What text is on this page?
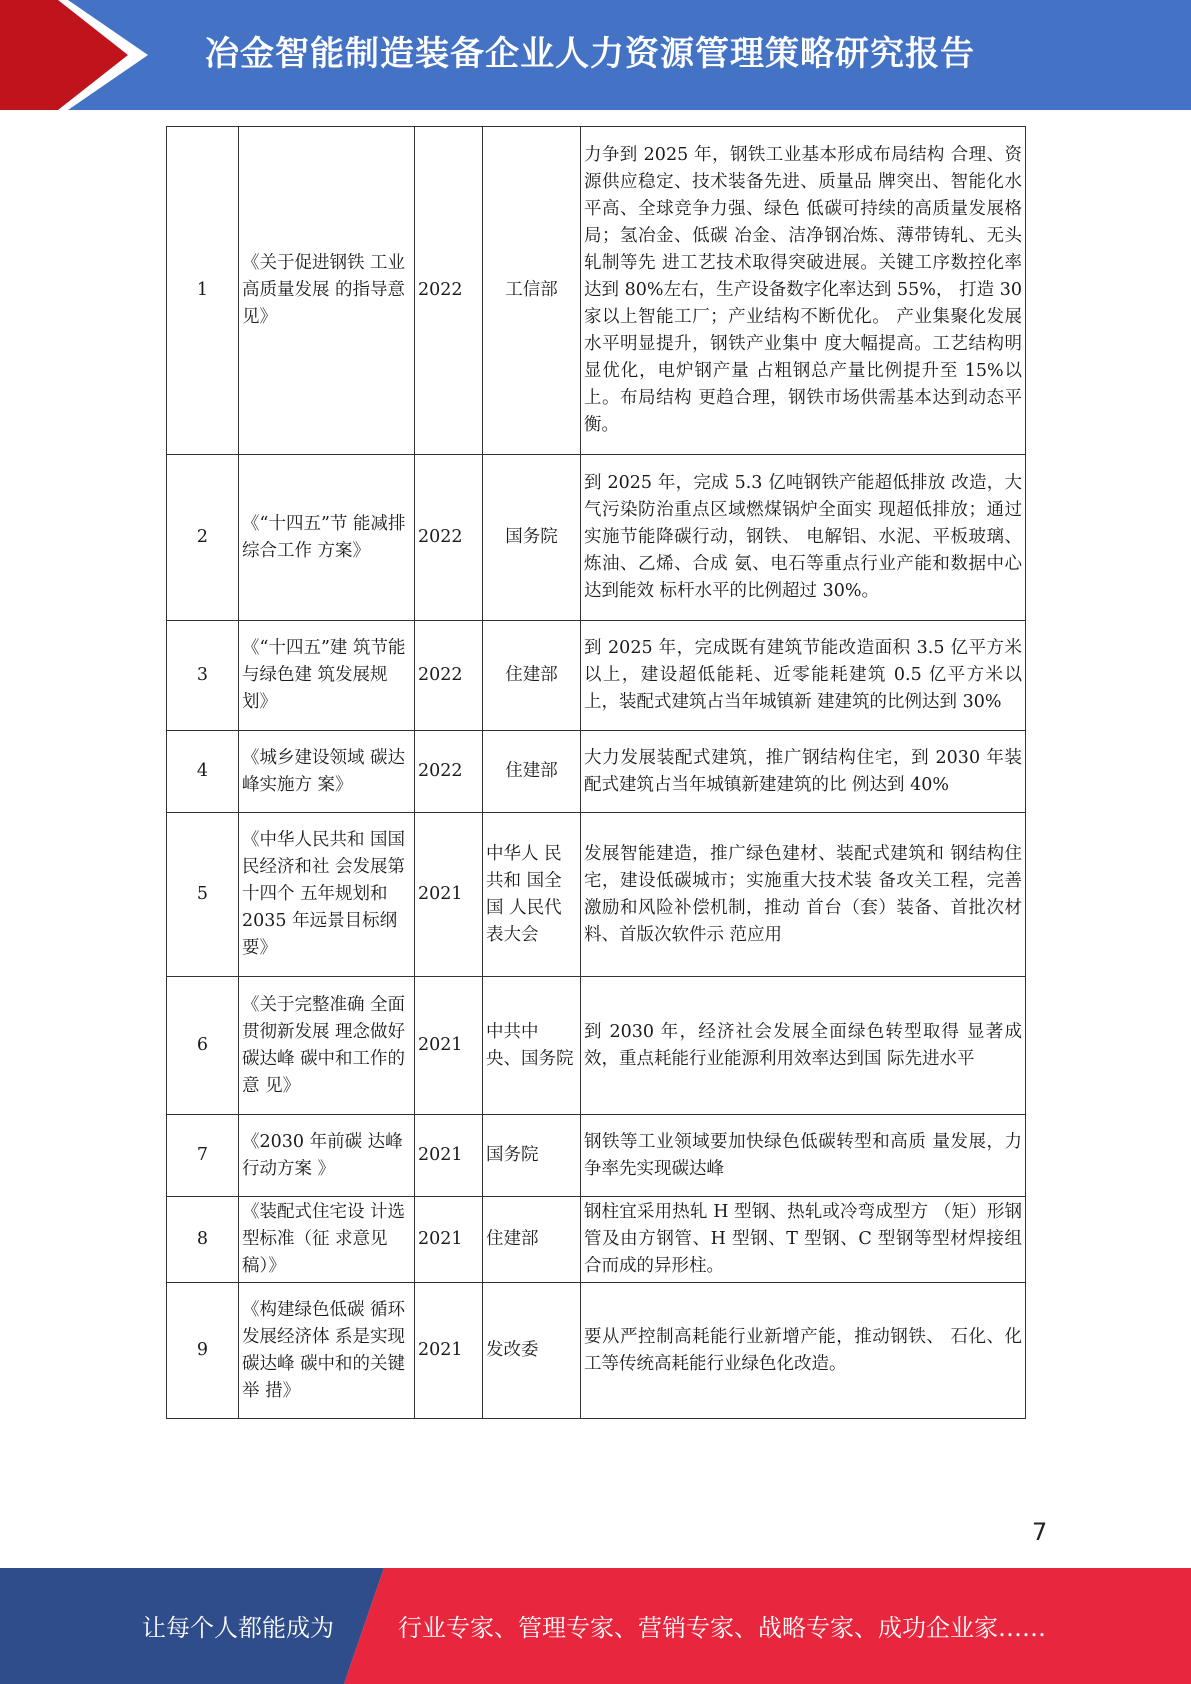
冶金智能制造装备企业人力资源管理策略研究报告
1	《关于促进钢铁 工业高质量发展 的指导意见》	2022	工信部	力争到 2025 年，钢铁工业基本形成布局结构 合理、资源供应稳定、技术装备先进、质量品 牌突出、智能化水平高、全球竞争力强、绿色 低碳可持续的高质量发展格局；氢冶金、低碳 冶金、洁净钢冶炼、薄带铸轧、无头轧制等先 进工艺技术取得突破进展。关键工序数控化率 达到 80%左右，生产设备数字化率达到 55%， 打造 30 家以上智能工厂；产业结构不断优化。 产业集聚化发展水平明显提升，钢铁产业集中 度大幅提高。工艺结构明显优化，电炉钢产量 占粗钢总产量比例提升至 15%以上。布局结构 更趋合理，钢铁市场供需基本达到动态平衡。
2	《“十四五”节 能减排综合工作 方案》	2022	国务院	到 2025 年，完成 5.3 亿吨钢铁产能超低排放 改造，大气污染防治重点区域燃煤锅炉全面实 现超低排放；通过实施节能降碳行动，钢铁、 电解铝、水泥、平板玻璃、炼油、乙烯、合成 氨、电石等重点行业产能和数据中心达到能效 标杆水平的比例超过 30%。
3	《“十四五”建 筑节能与绿色建 筑发展规划》	2022	住建部	到 2025 年，完成既有建筑节能改造面积 3.5 亿平方米以上，建设超低能耗、近零能耗建筑 0.5 亿平方米以上，装配式建筑占当年城镇新 建建筑的比例达到 30%
4	《城乡建设领域 碳达峰实施方 案》	2022	住建部	大力发展装配式建筑，推广钢结构住宅，到 2030 年装配式建筑占当年城镇新建建筑的比 例达到 40%
5	《中华人民共和 国国民经济和社 会发展第十四个 五年规划和 2035 年远景目标纲要》	2021	中华人 民共和 国全国 人民代表大会	发展智能建造，推广绿色建材、装配式建筑和 钢结构住宅，建设低碳城市；实施重大技术装 备攻关工程，完善激励和风险补偿机制，推动 首台（套）装备、首批次材料、首版次软件示 范应用
6	《关于完整准确 全面贯彻新发展 理念做好碳达峰 碳中和工作的意 见》	2021	中共中 央、国务院	到 2030 年，经济社会发展全面绿色转型取得 显著成效，重点耗能行业能源利用效率达到国 际先进水平
7	《2030 年前碳 达峰行动方案 》	2021	国务院	钢铁等工业领域要加快绿色低碳转型和高质 量发展，力争率先实现碳达峰
8	《装配式住宅设 计选型标准（征 求意见稿）》	2021	住建部	钢柱宜采用热轧 H 型钢、热轧或冷弯成型方 （矩）形钢管及由方钢管、H 型钢、T 型钢、C 型钢等型材焊接组合而成的异形柱。
9	《构建绿色低碳 循环发展经济体 系是实现碳达峰 碳中和的关键举 措》	2021	发改委	要从严控制高耗能行业新增产能，推动钢铁、 石化、化工等传统高耗能行业绿色化改造。
7
让每个人都能成为	行业专家、管理专家、营销专家、战略专家、成功企业家……
